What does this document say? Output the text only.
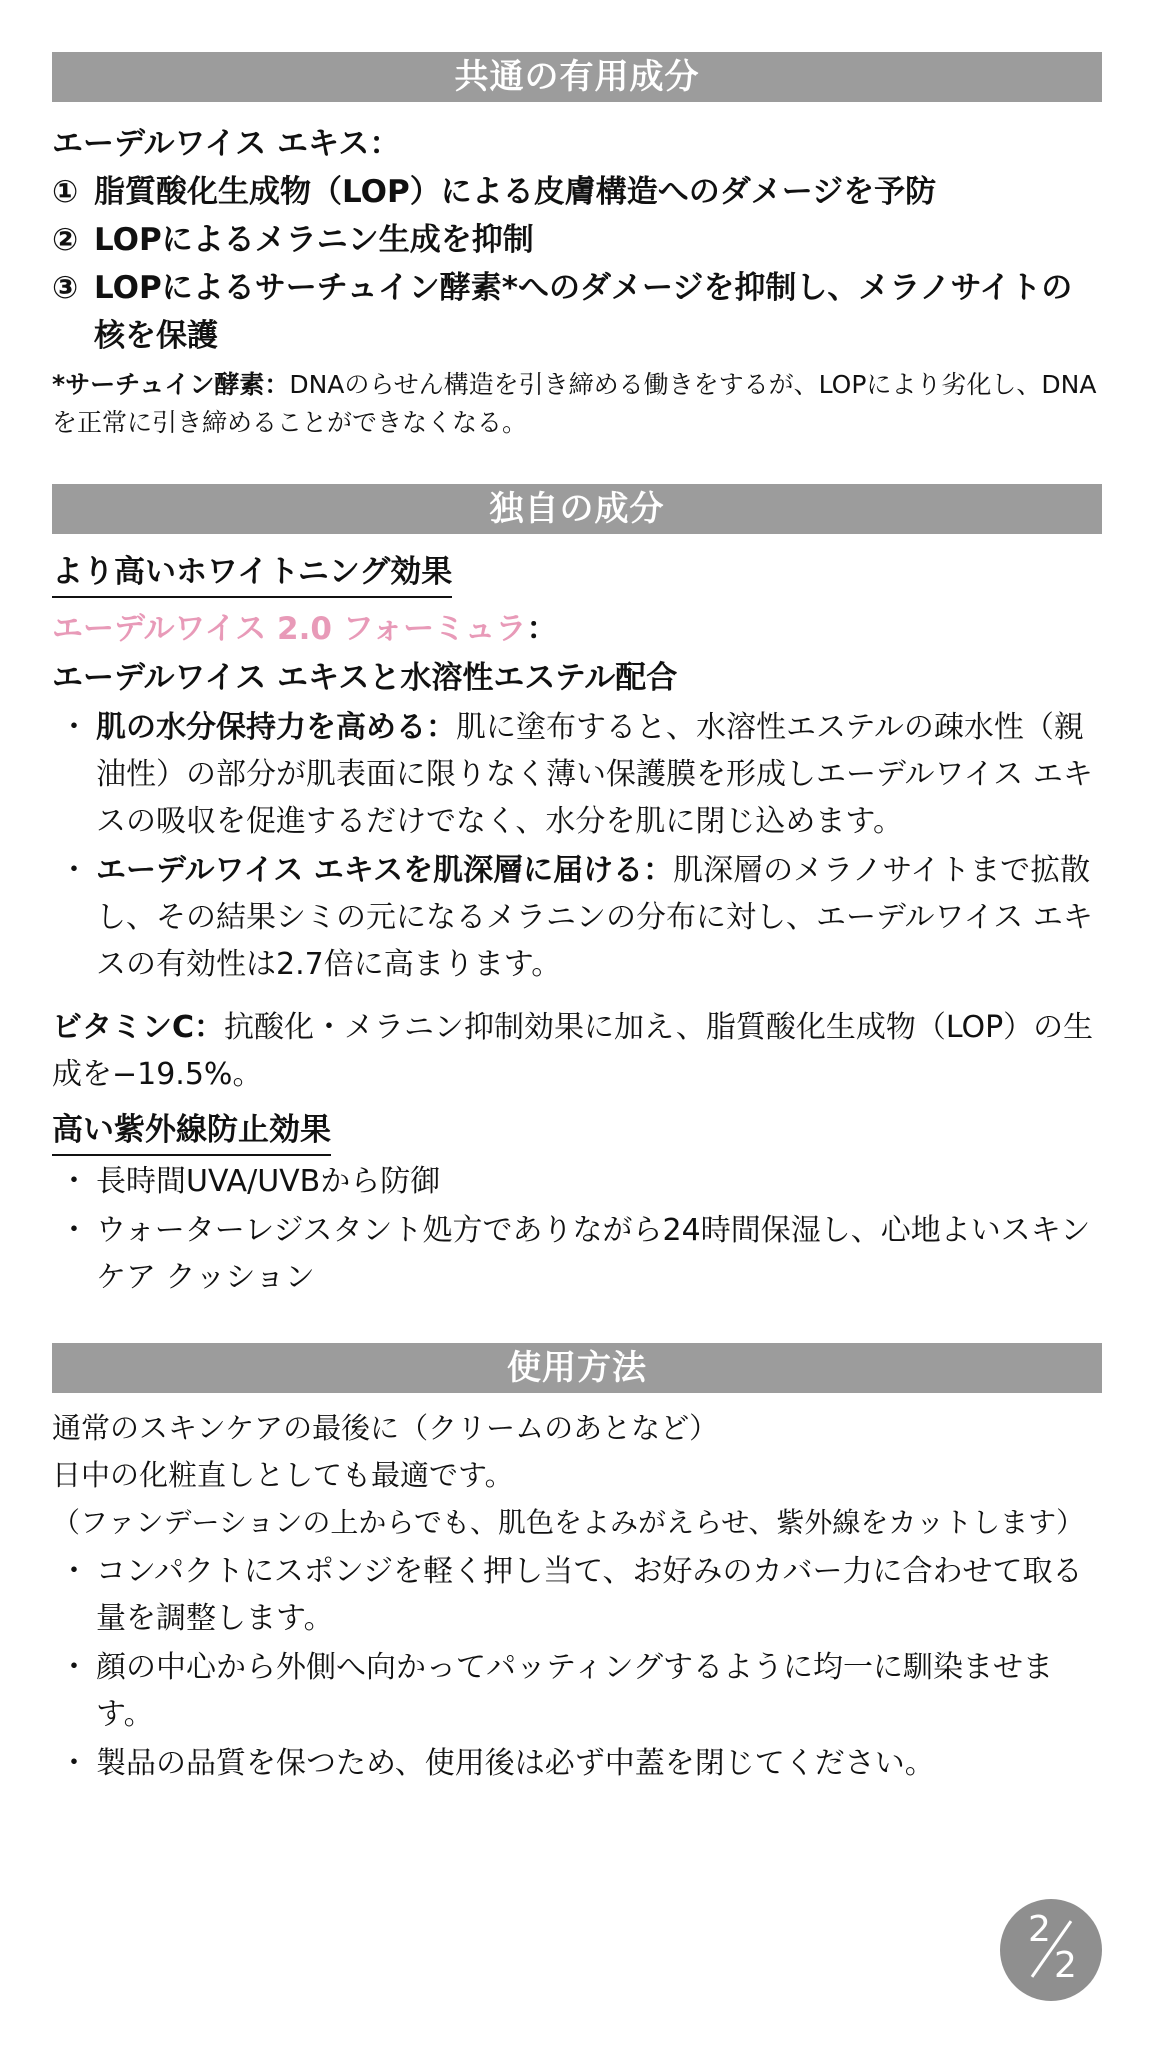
共通の有用成分
エーデルワイス エキス：
① 脂質酸化生成物（LOP）による皮膚構造へのダメージを予防
② LOPによるメラニン生成を抑制
③ LOPによるサーチュイン酵素*へのダメージを抑制し、メラノサイトの核を保護
*サーチュイン酵素：DNAのらせん構造を引き締める働きをするが、LOPにより劣化し、DNAを正常に引き締めることができなくなる。
独自の成分
より高いホワイトニング効果
エーデルワイス 2.0 フォーミュラ：
エーデルワイス エキスと水溶性エステル配合
・ 肌の水分保持力を高める：肌に塗布すると、水溶性エステルの疎水性（親油性）の部分が肌表面に限りなく薄い保護膜を形成しエーデルワイス エキスの吸収を促進するだけでなく、水分を肌に閉じ込めます。
・ エーデルワイス エキスを肌深層に届ける：肌深層のメラノサイトまで拡散し、その結果シミの元になるメラニンの分布に対し、エーデルワイス エキスの有効性は2.7倍に高まります。
ビタミンC：抗酸化・メラニン抑制効果に加え、脂質酸化生成物（LOP）の生成を−19.5%。
高い紫外線防止効果
・ 長時間UVA/UVBから防御
・ ウォーターレジスタント処方でありながら24時間保湿し、心地よいスキンケア クッション
使用方法

通常のスキンケアの最後に（クリームのあとなど）

日中の化粧直しとしても最適です。

（ファンデーションの上からでも、肌色をよみがえらせ、紫外線をカットします）

・ コンパクトにスポンジを軽く押し当て、お好みのカバー力に合わせて取る量を調整します。
・ 顔の中心から外側へ向かってパッティングするように均一に馴染ませます。
・ 製品の品質を保つため、使用後は必ず中蓋を閉じてください。
2
2
